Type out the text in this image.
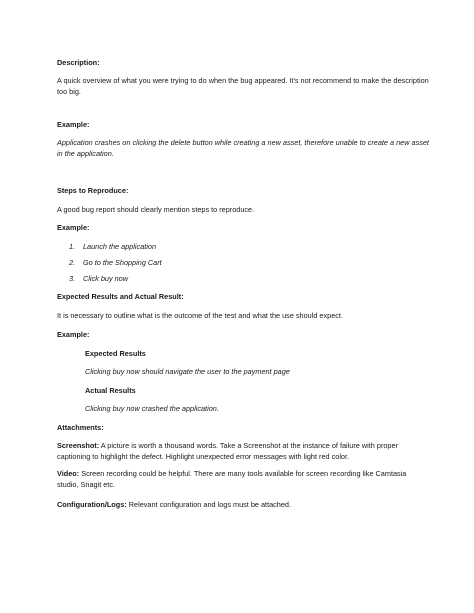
Description:
A quick overview of what you were trying to do when the bug appeared. It's not recommend to make the description too big.
Example:
Application crashes on clicking the delete button while creating a new asset, therefore unable to create a new asset in the application.
Steps to Reproduce:
A good bug report should clearly mention steps to reproduce.
Example:
1. Launch the application
2. Go to the Shopping Cart
3. Click buy now
Expected Results and Actual Result:
It is necessary to outline what is the outcome of the test and what the use should expect.
Example:
Expected Results
Clicking buy now should navigate the user to the payment page
Actual Results
Clicking buy now crashed the application.
Attachments:
Screenshot: A picture is worth a thousand words. Take a Screenshot at the instance of failure with proper captioning to highlight the defect. Highlight unexpected error messages with light red color.
Video: Screen recording could be helpful. There are many tools available for screen recording like Camtasia studio, Snagit etc.
Configuration/Logs: Relevant configuration and logs must be attached.
